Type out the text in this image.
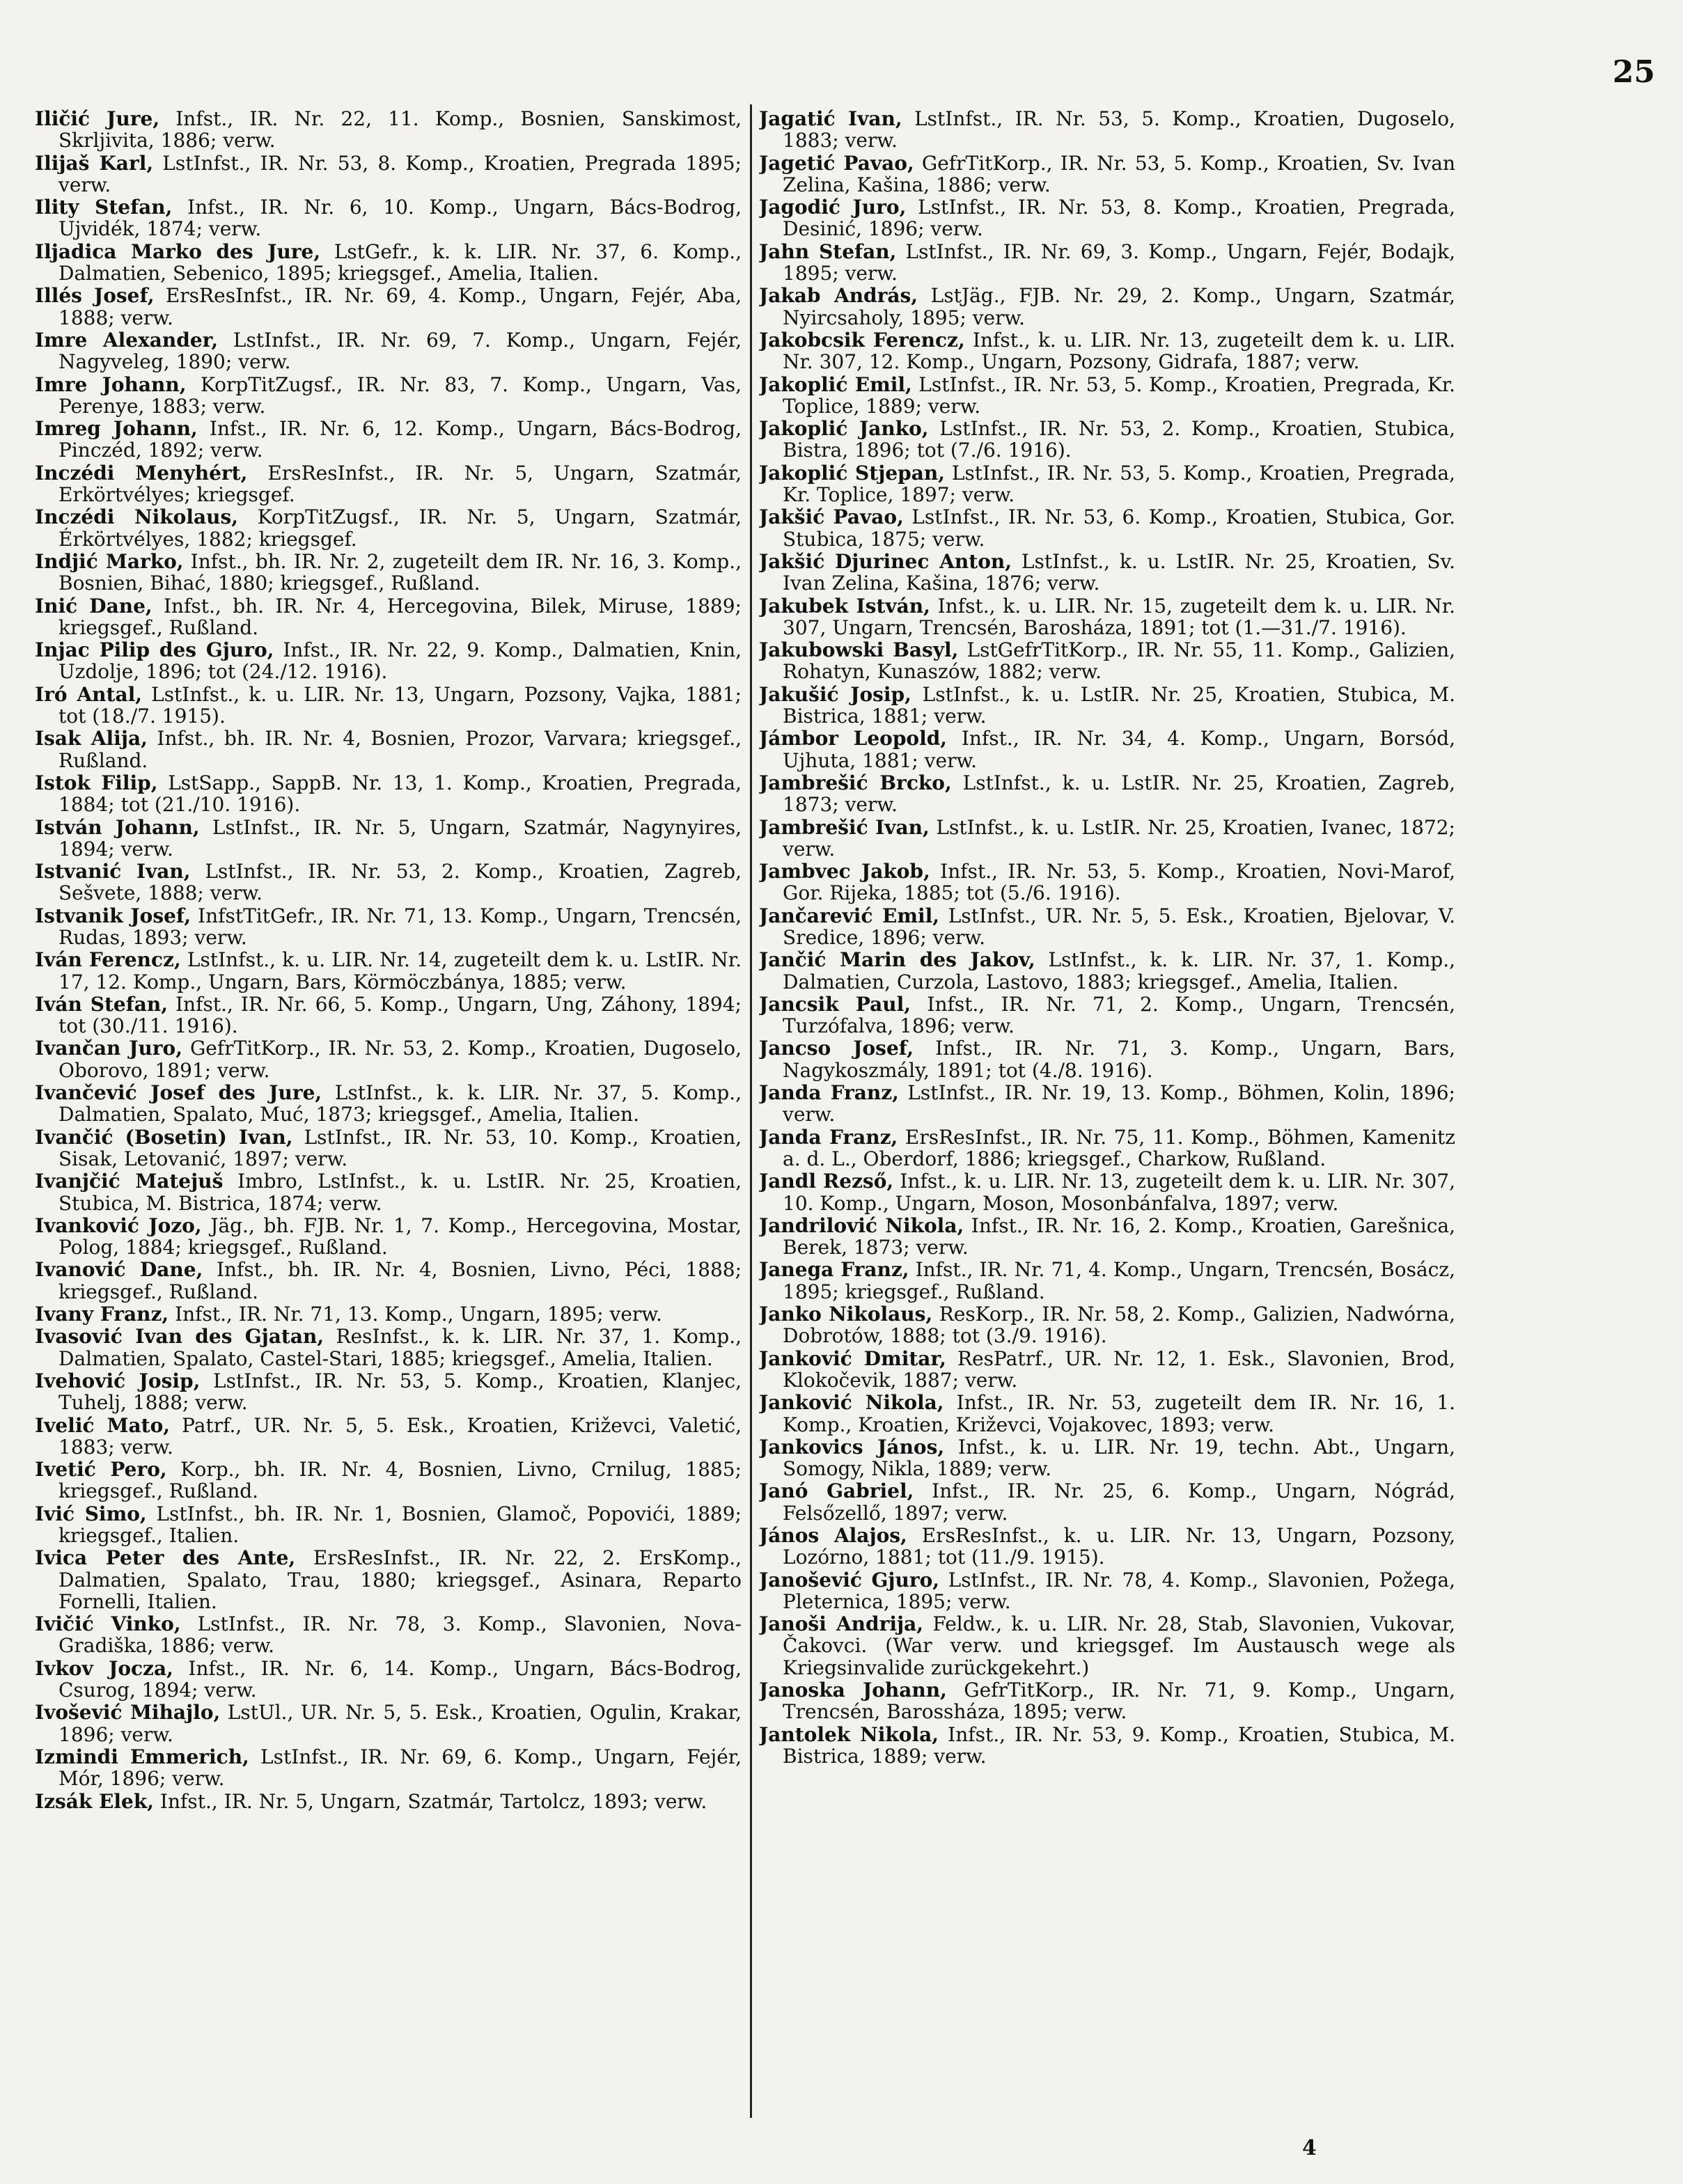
25

Iličić Jure, Infst., IR. Nr. 22, 11. Komp., Bosnien, Sanskimost, Skrljivita, 1886; verw.

Ilijaš Karl, LstInfst., IR. Nr. 53, 8. Komp., Kroatien, Pregrada 1895; verw.

Ility Stefan, Infst., IR. Nr. 6, 10. Komp., Ungarn, Bács-Bodrog, Ujvidék, 1874; verw.

Iljadica Marko des Jure, LstGefr., k. k. LIR. Nr. 37, 6. Komp., Dalmatien, Sebenico, 1895; kriegsgef., Amelia, Italien.

Illés Josef, ErsResInfst., IR. Nr. 69, 4. Komp., Ungarn, Fejér, Aba, 1888; verw.

Imre Alexander, LstInfst., IR. Nr. 69, 7. Komp., Ungarn, Fejér, Nagyveleg, 1890; verw.

Imre Johann, KorpTitZugsf., IR. Nr. 83, 7. Komp., Ungarn, Vas, Perenye, 1883; verw.

Imreg Johann, Infst., IR. Nr. 6, 12. Komp., Ungarn, Bács-Bodrog, Pinczéd, 1892; verw.

Inczédi Menyhért, ErsResInfst., IR. Nr. 5, Ungarn, Szatmár, Erkörtvélyes; kriegsgef.

Inczédi Nikolaus, KorpTitZugsf., IR. Nr. 5, Ungarn, Szatmár, Érkörtvélyes, 1882; kriegsgef.

Indjić Marko, Infst., bh. IR. Nr. 2, zugeteilt dem IR. Nr. 16, 3. Komp., Bosnien, Bihać, 1880; kriegsgef., Rußland.

Inić Dane, Infst., bh. IR. Nr. 4, Hercegovina, Bilek, Miruse, 1889; kriegsgef., Rußland.

Injac Pilip des Gjuro, Infst., IR. Nr. 22, 9. Komp., Dalmatien, Knin, Uzdolje, 1896; tot (24./12. 1916).

Iró Antal, LstInfst., k. u. LIR. Nr. 13, Ungarn, Pozsony, Vajka, 1881; tot (18./7. 1915).

Isak Alija, Infst., bh. IR. Nr. 4, Bosnien, Prozor, Varvara; kriegsgef., Rußland.

Istok Filip, LstSapp., SappB. Nr. 13, 1. Komp., Kroatien, Pregrada, 1884; tot (21./10. 1916).

István Johann, LstInfst., IR. Nr. 5, Ungarn, Szatmár, Nagynyires, 1894; verw.

Istvanić Ivan, LstInfst., IR. Nr. 53, 2. Komp., Kroatien, Zagreb, Sešvete, 1888; verw.

Istvanik Josef, InfstTitGefr., IR. Nr. 71, 13. Komp., Ungarn, Trencsén, Rudas, 1893; verw.

Iván Ferencz, LstInfst., k. u. LIR. Nr. 14, zugeteilt dem k. u. LstIR. Nr. 17, 12. Komp., Ungarn, Bars, Körmöczbánya, 1885; verw.

Iván Stefan, Infst., IR. Nr. 66, 5. Komp., Ungarn, Ung, Záhony, 1894; tot (30./11. 1916).

Ivančan Juro, GefrTitKorp., IR. Nr. 53, 2. Komp., Kroatien, Dugoselo, Oborovo, 1891; verw.

Ivančević Josef des Jure, LstInfst., k. k. LIR. Nr. 37, 5. Komp., Dalmatien, Spalato, Muć, 1873; kriegsgef., Amelia, Italien.

Ivančić (Bosetin) Ivan, LstInfst., IR. Nr. 53, 10. Komp., Kroatien, Sisak, Letovanić, 1897; verw.

Ivanjčić Matejuš Imbro, LstInfst., k. u. LstIR. Nr. 25, Kroatien, Stubica, M. Bistrica, 1874; verw.

Ivanković Jozo, Jäg., bh. FJB. Nr. 1, 7. Komp., Hercegovina, Mostar, Polog, 1884; kriegsgef., Rußland.

Ivanović Dane, Infst., bh. IR. Nr. 4, Bosnien, Livno, Péci, 1888; kriegsgef., Rußland.

Ivany Franz, Infst., IR. Nr. 71, 13. Komp., Ungarn, 1895; verw.

Ivasović Ivan des Gjatan, ResInfst., k. k. LIR. Nr. 37, 1. Komp., Dalmatien, Spalato, Castel-Stari, 1885; kriegsgef., Amelia, Italien.

Ivehović Josip, LstInfst., IR. Nr. 53, 5. Komp., Kroatien, Klanjec, Tuhelj, 1888; verw.

Ivelić Mato, Patrf., UR. Nr. 5, 5. Esk., Kroatien, Križevci, Valetić, 1883; verw.

Ivetić Pero, Korp., bh. IR. Nr. 4, Bosnien, Livno, Crnilug, 1885; kriegsgef., Rußland.

Ivić Simo, LstInfst., bh. IR. Nr. 1, Bosnien, Glamoč, Popovići, 1889; kriegsgef., Italien.

Ivica Peter des Ante, ErsResInfst., IR. Nr. 22, 2. ErsKomp., Dalmatien, Spalato, Trau, 1880; kriegsgef., Asinara, Reparto Fornelli, Italien.

Ivičić Vinko, LstInfst., IR. Nr. 78, 3. Komp., Slavonien, Nova-Gradiška, 1886; verw.

Ivkov Jocza, Infst., IR. Nr. 6, 14. Komp., Ungarn, Bács-Bodrog, Csurog, 1894; verw.

Ivošević Mihajlo, LstUl., UR. Nr. 5, 5. Esk., Kroatien, Ogulin, Krakar, 1896; verw.

Izmindi Emmerich, LstInfst., IR. Nr. 69, 6. Komp., Ungarn, Fejér, Mór, 1896; verw.

Izsák Elek, Infst., IR. Nr. 5, Ungarn, Szatmár, Tartolcz, 1893; verw.

Jagatić Ivan, LstInfst., IR. Nr. 53, 5. Komp., Kroatien, Dugoselo, 1883; verw.

Jagetić Pavao, GefrTitKorp., IR. Nr. 53, 5. Komp., Kroatien, Sv. Ivan Zelina, Kašina, 1886; verw.

Jagodić Juro, LstInfst., IR. Nr. 53, 8. Komp., Kroatien, Pregrada, Desinić, 1896; verw.

Jahn Stefan, LstInfst., IR. Nr. 69, 3. Komp., Ungarn, Fejér, Bodajk, 1895; verw.

Jakab András, LstJäg., FJB. Nr. 29, 2. Komp., Ungarn, Szatmár, Nyircsaholy, 1895; verw.

Jakobcsik Ferencz, Infst., k. u. LIR. Nr. 13, zugeteilt dem k. u. LIR. Nr. 307, 12. Komp., Ungarn, Pozsony, Gidrafa, 1887; verw.

Jakoplić Emil, LstInfst., IR. Nr. 53, 5. Komp., Kroatien, Pregrada, Kr. Toplice, 1889; verw.

Jakoplić Janko, LstInfst., IR. Nr. 53, 2. Komp., Kroatien, Stubica, Bistra, 1896; tot (7./6. 1916).

Jakoplić Stjepan, LstInfst., IR. Nr. 53, 5. Komp., Kroatien, Pregrada, Kr. Toplice, 1897; verw.

Jakšić Pavao, LstInfst., IR. Nr. 53, 6. Komp., Kroatien, Stubica, Gor. Stubica, 1875; verw.

Jakšić Djurinec Anton, LstInfst., k. u. LstIR. Nr. 25, Kroatien, Sv. Ivan Zelina, Kašina, 1876; verw.

Jakubek István, Infst., k. u. LIR. Nr. 15, zugeteilt dem k. u. LIR. Nr. 307, Ungarn, Trencsén, Barosháza, 1891; tot (1.—31./7. 1916).

Jakubowski Basyl, LstGefrTitKorp., IR. Nr. 55, 11. Komp., Galizien, Rohatyn, Kunaszów, 1882; verw.

Jakušić Josip, LstInfst., k. u. LstIR. Nr. 25, Kroatien, Stubica, M. Bistrica, 1881; verw.

Jámbor Leopold, Infst., IR. Nr. 34, 4. Komp., Ungarn, Borsód, Ujhuta, 1881; verw.

Jambrešić Brcko, LstInfst., k. u. LstIR. Nr. 25, Kroatien, Zagreb, 1873; verw.

Jambrešić Ivan, LstInfst., k. u. LstIR. Nr. 25, Kroatien, Ivanec, 1872; verw.

Jambvec Jakob, Infst., IR. Nr. 53, 5. Komp., Kroatien, Novi-Marof, Gor. Rijeka, 1885; tot (5./6. 1916).

Jančarević Emil, LstInfst., UR. Nr. 5, 5. Esk., Kroatien, Bjelovar, V. Sredice, 1896; verw.

Jančić Marin des Jakov, LstInfst., k. k. LIR. Nr. 37, 1. Komp., Dalmatien, Curzola, Lastovo, 1883; kriegsgef., Amelia, Italien.

Jancsik Paul, Infst., IR. Nr. 71, 2. Komp., Ungarn, Trencsén, Turzófalva, 1896; verw.

Jancso Josef, Infst., IR. Nr. 71, 3. Komp., Ungarn, Bars, Nagykoszmály, 1891; tot (4./8. 1916).

Janda Franz, LstInfst., IR. Nr. 19, 13. Komp., Böhmen, Kolin, 1896; verw.

Janda Franz, ErsResInfst., IR. Nr. 75, 11. Komp., Böhmen, Kamenitz a. d. L., Oberdorf, 1886; kriegsgef., Charkow, Rußland.

Jandl Rezső, Infst., k. u. LIR. Nr. 13, zugeteilt dem k. u. LIR. Nr. 307, 10. Komp., Ungarn, Moson, Mosonbánfalva, 1897; verw.

Jandrilović Nikola, Infst., IR. Nr. 16, 2. Komp., Kroatien, Garešnica, Berek, 1873; verw.

Janega Franz, Infst., IR. Nr. 71, 4. Komp., Ungarn, Trencsén, Bosácz, 1895; kriegsgef., Rußland.

Janko Nikolaus, ResKorp., IR. Nr. 58, 2. Komp., Galizien, Nadwórna, Dobrotów, 1888; tot (3./9. 1916).

Janković Dmitar, ResPatrf., UR. Nr. 12, 1. Esk., Slavonien, Brod, Klokočevik, 1887; verw.

Janković Nikola, Infst., IR. Nr. 53, zugeteilt dem IR. Nr. 16, 1. Komp., Kroatien, Križevci, Vojakovec, 1893; verw.

Jankovics János, Infst., k. u. LIR. Nr. 19, techn. Abt., Ungarn, Somogy, Nikla, 1889; verw.

Janó Gabriel, Infst., IR. Nr. 25, 6. Komp., Ungarn, Nógrád, Felsőzellő, 1897; verw.

János Alajos, ErsResInfst., k. u. LIR. Nr. 13, Ungarn, Pozsony, Lozórno, 1881; tot (11./9. 1915).

Janošević Gjuro, LstInfst., IR. Nr. 78, 4. Komp., Slavonien, Požega, Pleternica, 1895; verw.

Janoši Andrija, Feldw., k. u. LIR. Nr. 28, Stab, Slavonien, Vukovar, Čakovci. (War verw. und kriegsgef. Im Austausch wege als Kriegsinvalide zurückgekehrt.)

Janoska Johann, GefrTitKorp., IR. Nr. 71, 9. Komp., Ungarn, Trencsén, Barossháza, 1895; verw.

Jantolek Nikola, Infst., IR. Nr. 53, 9. Komp., Kroatien, Stubica, M. Bistrica, 1889; verw.

4
